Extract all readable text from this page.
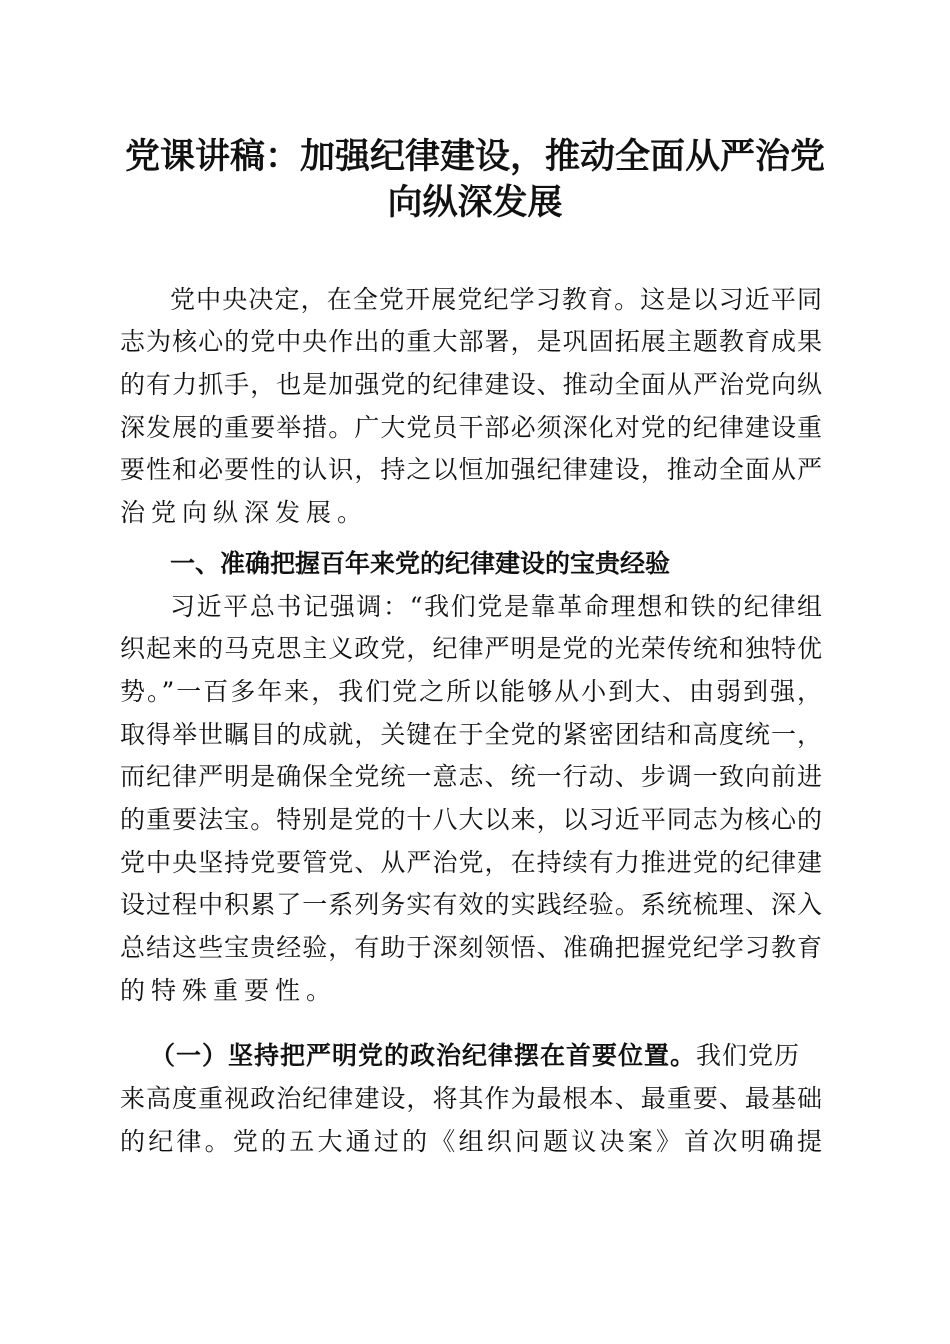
党课讲稿：加强纪律建设，推动全面从严治党
向纵深发展
党中央决定，在全党开展党纪学习教育。这是以习近平同
志为核心的党中央作出的重大部署，是巩固拓展主题教育成果
的有力抓手，也是加强党的纪律建设、推动全面从严治党向纵
深发展的重要举措。广大党员干部必须深化对党的纪律建设重
要性和必要性的认识，持之以恒加强纪律建设，推动全面从严
治党向纵深发展。
一、准确把握百年来党的纪律建设的宝贵经验
习近平总书记强调：“我们党是靠革命理想和铁的纪律组
织起来的马克思主义政党，纪律严明是党的光荣传统和独特优
势。”一百多年来，我们党之所以能够从小到大、由弱到强，
取得举世瞩目的成就，关键在于全党的紧密团结和高度统一，
而纪律严明是确保全党统一意志、统一行动、步调一致向前进
的重要法宝。特别是党的十八大以来，以习近平同志为核心的
党中央坚持党要管党、从严治党，在持续有力推进党的纪律建
设过程中积累了一系列务实有效的实践经验。系统梳理、深入
总结这些宝贵经验，有助于深刻领悟、准确把握党纪学习教育
的特殊重要性。
（一）坚持把严明党的政治纪律摆在首要位置。我们党历
来高度重视政治纪律建设，将其作为最根本、最重要、最基础
的纪律。党的五大通过的《组织问题议决案》首次明确提
